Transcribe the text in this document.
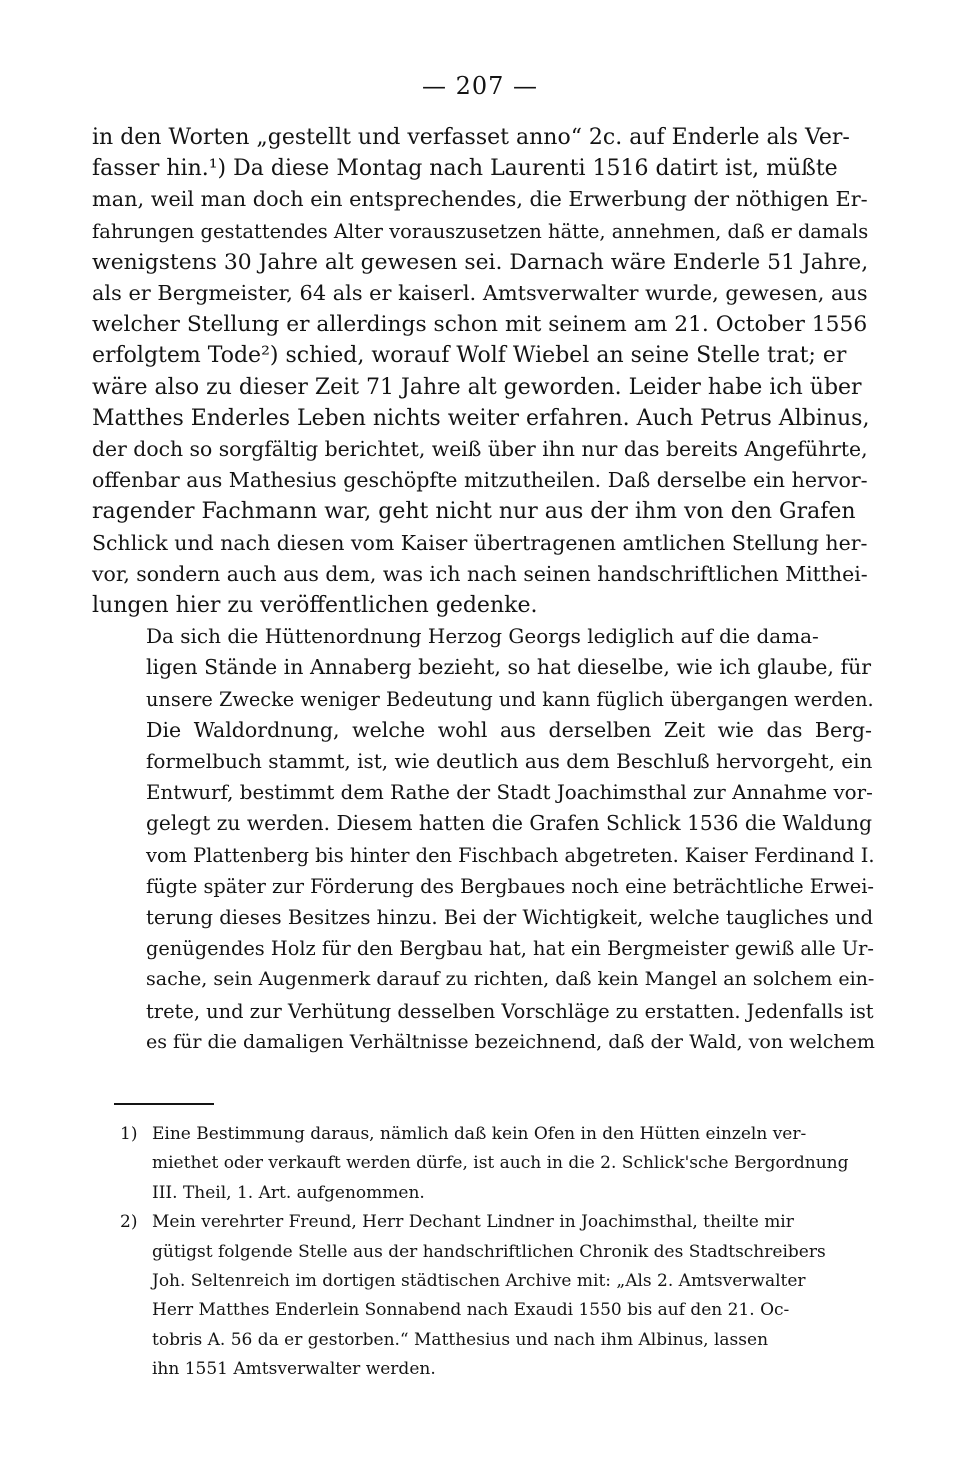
— 207 —

in den Worten „gestellt und verfasset anno“ 2c. auf Enderle als Ver-
fasser hin.¹) Da diese Montag nach Laurenti 1516 datirt ist, müßte
man, weil man doch ein entsprechendes, die Erwerbung der nöthigen Er-
fahrungen gestattendes Alter vorauszusetzen hätte, annehmen, daß er damals
wenigstens 30 Jahre alt gewesen sei. Darnach wäre Enderle 51 Jahre,
als er Bergmeister, 64 als er kaiserl. Amtsverwalter wurde, gewesen, aus
welcher Stellung er allerdings schon mit seinem am 21. October 1556
erfolgtem Tode²) schied, worauf Wolf Wiebel an seine Stelle trat; er
wäre also zu dieser Zeit 71 Jahre alt geworden. Leider habe ich über
Matthes Enderles Leben nichts weiter erfahren. Auch Petrus Albinus,
der doch so sorgfältig berichtet, weiß über ihn nur das bereits Angeführte,
offenbar aus Mathesius geschöpfte mitzutheilen. Daß derselbe ein hervor-
ragender Fachmann war, geht nicht nur aus der ihm von den Grafen
Schlick und nach diesen vom Kaiser übertragenen amtlichen Stellung her-
vor, sondern auch aus dem, was ich nach seinen handschriftlichen Mitthei-
lungen hier zu veröffentlichen gedenke.

Da sich die Hüttenordnung Herzog Georgs lediglich auf die dama-
ligen Stände in Annaberg bezieht, so hat dieselbe, wie ich glaube, für
unsere Zwecke weniger Bedeutung und kann füglich übergangen werden.

Die Waldordnung, welche wohl aus derselben Zeit wie das Berg-
formelbuch stammt, ist, wie deutlich aus dem Beschluß hervorgeht, ein
Entwurf, bestimmt dem Rathe der Stadt Joachimsthal zur Annahme vor-
gelegt zu werden. Diesem hatten die Grafen Schlick 1536 die Waldung
vom Plattenberg bis hinter den Fischbach abgetreten. Kaiser Ferdinand I.
fügte später zur Förderung des Bergbaues noch eine beträchtliche Erwei-
terung dieses Besitzes hinzu. Bei der Wichtigkeit, welche taugliches und
genügendes Holz für den Bergbau hat, hat ein Bergmeister gewiß alle Ur-
sache, sein Augenmerk darauf zu richten, daß kein Mangel an solchem ein-
trete, und zur Verhütung desselben Vorschläge zu erstatten. Jedenfalls ist
es für die damaligen Verhältnisse bezeichnend, daß der Wald, von welchem

1) Eine Bestimmung daraus, nämlich daß kein Ofen in den Hütten einzeln ver-
miethet oder verkauft werden dürfe, ist auch in die 2. Schlick'sche Bergordnung
III. Theil, 1. Art. aufgenommen.
2) Mein verehrter Freund, Herr Dechant Lindner in Joachimsthal, theilte mir
gütigst folgende Stelle aus der handschriftlichen Chronik des Stadtschreibers
Joh. Seltenreich im dortigen städtischen Archive mit: „Als 2. Amtsverwalter
Herr Matthes Enderlein Sonnabend nach Exaudi 1550 bis auf den 21. Oc-
tobris A. 56 da er gestorben.“ Matthesius und nach ihm Albinus, lassen
ihn 1551 Amtsverwalter werden.
